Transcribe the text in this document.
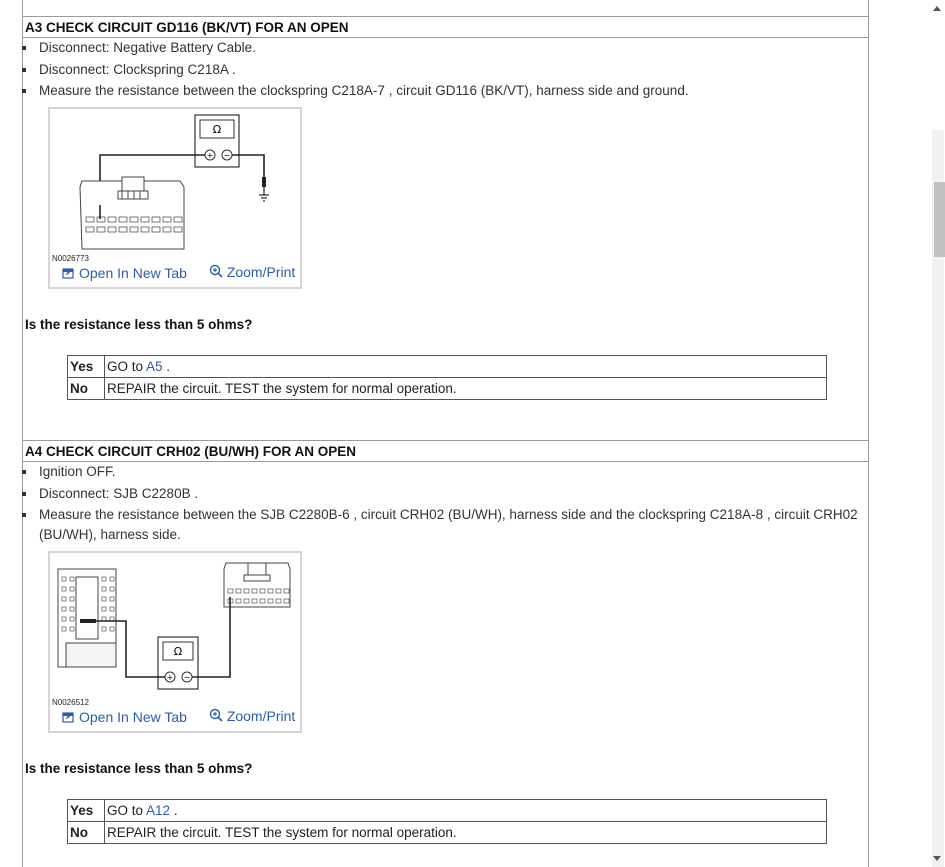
A3 CHECK CIRCUIT GD116 (BK/VT) FOR AN OPEN
Disconnect: Negative Battery Cable.
Disconnect: Clockspring C218A .
Measure the resistance between the clockspring C218A-7 , circuit GD116 (BK/VT), harness side and ground.
Ω
+ −
N0026773
Open In New Tab
	Zoom/Print
Is the resistance less than 5 ohms?
Yes	GO to A5 .
No	REPAIR the circuit. TEST the system for normal operation.
A4 CHECK CIRCUIT CRH02 (BU/WH) FOR AN OPEN
Ignition OFF.
Disconnect: SJB C2280B .
Measure the resistance between the SJB C2280B-6 , circuit CRH02 (BU/WH), harness side and the clockspring C218A-8 , circuit CRH02 (BU/WH), harness side.
Ω
+ −
N0026512
Open In New Tab
	Zoom/Print
Is the resistance less than 5 ohms?
Yes	GO to A12 .
No	REPAIR the circuit. TEST the system for normal operation.
